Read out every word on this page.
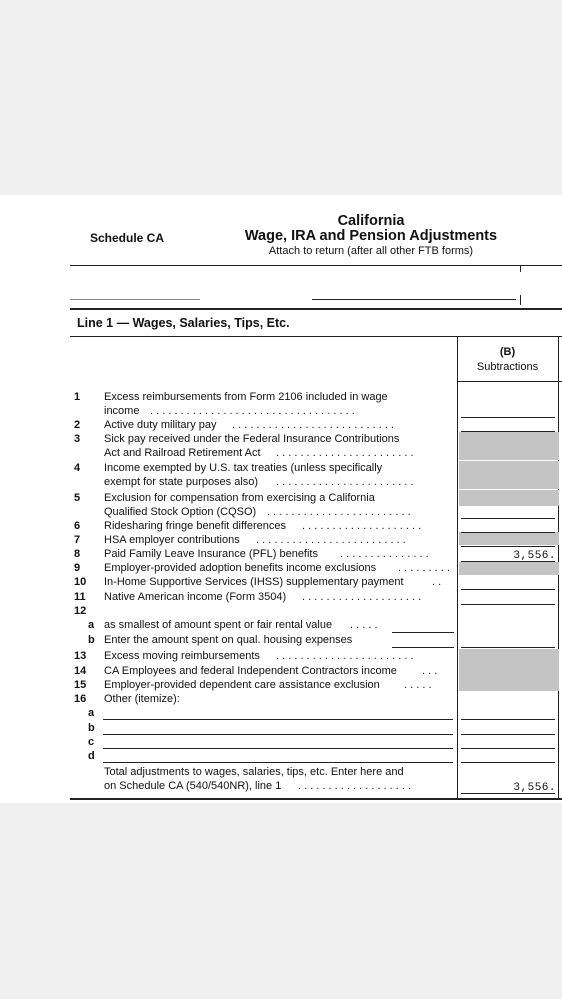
Schedule CA
California
Wage, IRA and Pension Adjustments
Attach to return (after all other FTB forms)
Line 1 — Wages, Salaries, Tips, Etc.
(B)
Subtractions
1	Excess reimbursements from Form 2106 included in wage
income . . . . . . . . . . . . . . . . . . . . . . . . . . . . . . . . . .
2	Active duty military pay . . . . . . . . . . . . . . . . . . . . . . . . . . .
3	Sick pay received under the Federal Insurance Contributions
Act and Railroad Retirement Act . . . . . . . . . . . . . . . . . . . . . . .
4	Income exempted by U.S. tax treaties (unless specifically
exempt for state purposes also) . . . . . . . . . . . . . . . . . . . . . . .
5	Exclusion for compensation from exercising a California
Qualified Stock Option (CQSO) . . . . . . . . . . . . . . . . . . . . . . . .
6	Ridesharing fringe benefit differences . . . . . . . . . . . . . . . . . . . .
7	HSA employer contributions . . . . . . . . . . . . . . . . . . . . . . . . .
8	Paid Family Leave Insurance (PFL) benefits . . . . . . . . . . . . . . .	3,556.
9	Employer-provided adoption benefits income exclusions . . . . . . . . .
10 In-Home Supportive Services (IHSS) supplementary payment	. .
11 Native American income (Form 3504) . . . . . . . . . . . . . . . . . . . .
12
a as smallest of amount spent or fair rental value . . . . .
b Enter the amount spent on qual. housing expenses
13 Excess moving reimbursements . . . . . . . . . . . . . . . . . . . . . . .
14 CA Employees and federal Independent Contractors income . . .
15 Employer-provided dependent care assistance exclusion . . . . .
16 Other (itemize):
a
b
c
d
Total adjustments to wages, salaries, tips, etc. Enter here and
on Schedule CA (540/540NR), line 1 . . . . . . . . . . . . . . . . . . .	3,556.
